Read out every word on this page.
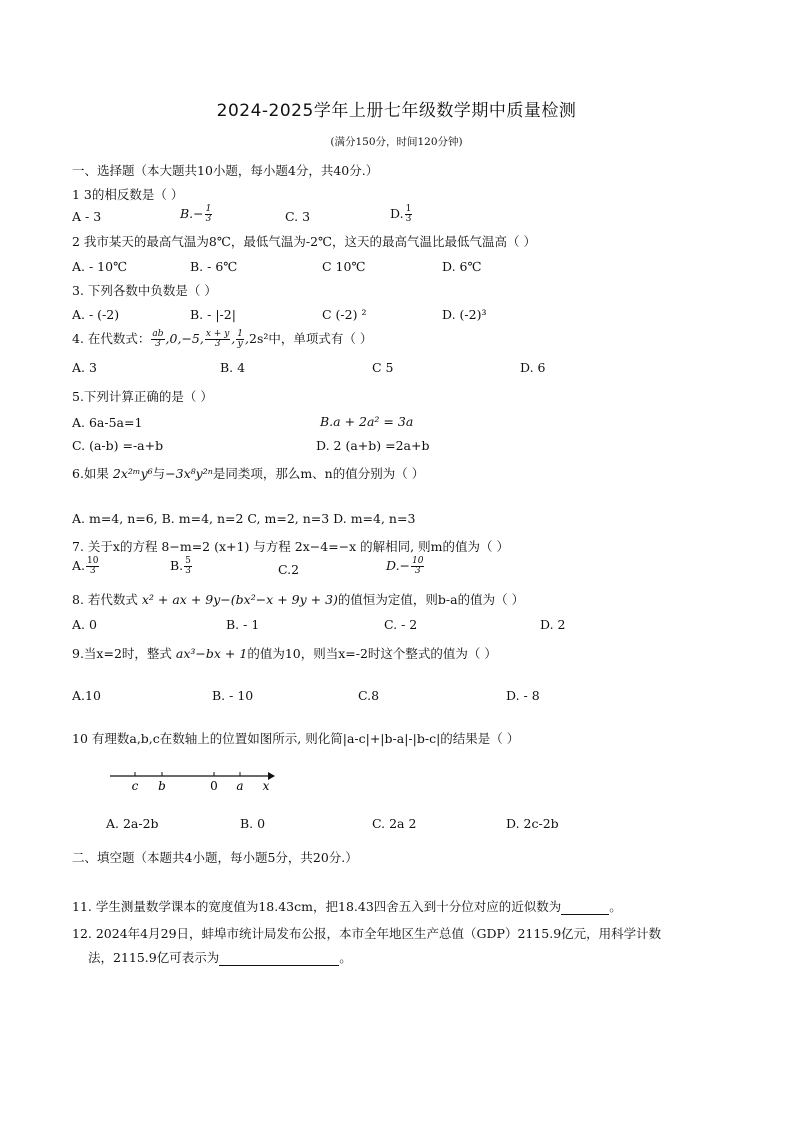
2024-2025学年上册七年级数学期中质量检测
(满分150分，时间120分钟)
一、选择题（本大题共10小题，每小题4分，共40分.）
1 3的相反数是（ ）
A - 3	$B.- \frac{1}{3}$	C. 3	D. $\frac{1}{3}$
2 我市某天的最高气温为8℃，最低气温为-2℃，这天的最高气温比最低气温高（ ）
A. - 10℃	B. - 6℃	C 10℃	D. 6℃
3. 下列各数中负数是（ ）
A. - (-2)	B. - |-2|	C (-2) ²	D. (-2)³
4. 在代数式： $\frac{ab}{3} ,0,-5$, $\frac{x + y}{3}$ , $\frac{1}{y} ,2s^2$中，单项式有（ ）
A. 3	B. 4	C 5	D. 6
5.下列计算正确的是（ ）
A. 6a-5a=1	B.a + 2a² = 3a
C. (a-b) =-a+b	D. 2 (a+b) =2a+b
6.如果 2x²ᵐy⁶与−3x⁸y²ⁿ是同类项，那么m、n的值分别为（ ）
A. m=4, n=6, B. m=4, n=2 C, m=2, n=3 D. m=4, n=3
7. 关于x的方程 8−m=2 (x+1) 与方程 2x−4=−x 的解相同, 则m的值为（ ）
A. $\frac{10}{3}$	B. $\frac{5}{3}$	C.2	$D.- \frac{10}{3}$
8. 若代数式 x² + ax + 9y−(bx²−x + 9y + 3)的值恒为定值，则b-a的值为（ ）
A. 0	B. - 1	C. - 2	D. 2
9.当x=2时，整式 ax³−bx + 1的值为10，则当x=-2时这个整式的值为（ ）
A.10	B. - 10	C.8	D. - 8
10 有理数a,b,c在数轴上的位置如图所示, 则化简|a-c|+|b-a|-|b-c|的结果是（ ）
c b	0 a x
A. 2a-2b	B. 0	C. 2a 2	D. 2c-2b
二、填空题（本题共4小题，每小题5分，共20分.）
11. 学生测量数学课本的宽度值为18.43cm，把18.43四舍五入到十分位对应的近似数为	。
12. 2024年4月29日，蚌埠市统计局发布公报，本市全年地区生产总值（GDP）2115.9亿元，用科学计数
法，2115.9亿可表示为	。
